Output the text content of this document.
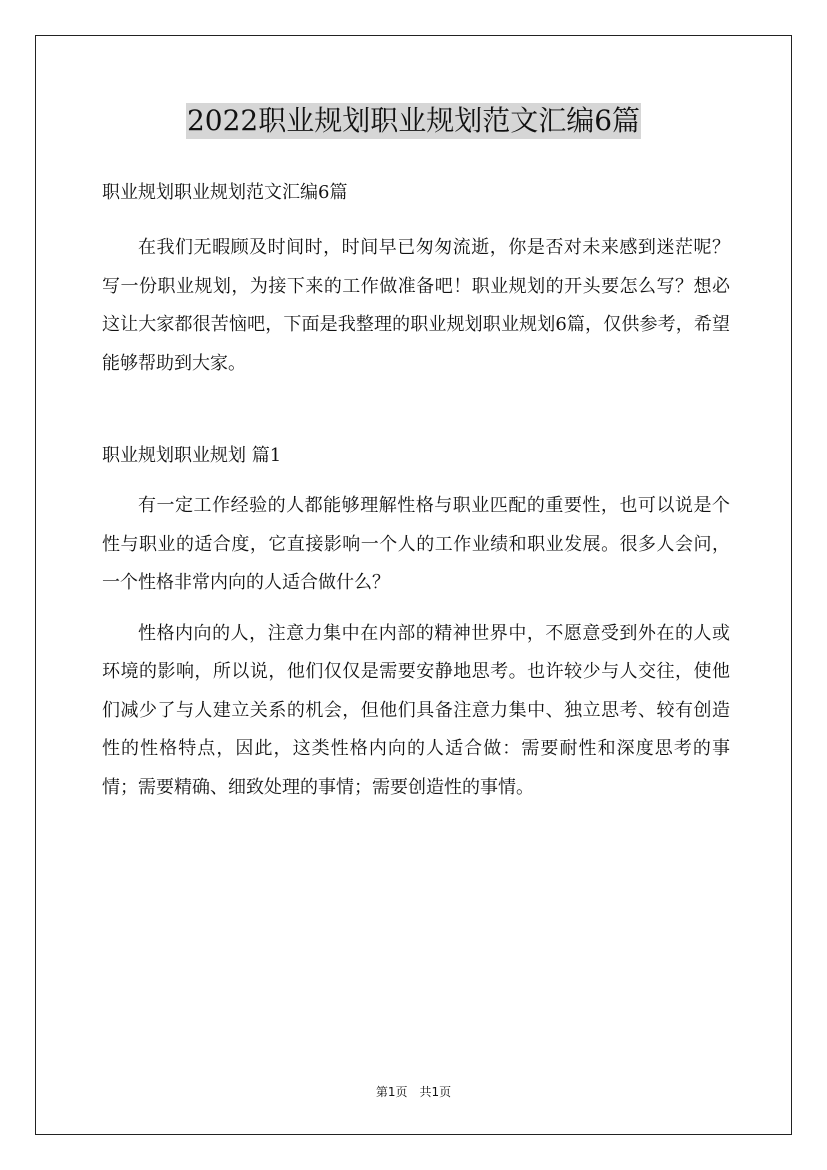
2022职业规划职业规划范文汇编6篇

职业规划职业规划范文汇编6篇

在我们无暇顾及时间时，时间早已匆匆流逝，你是否对未来感到迷茫呢？写一份职业规划，为接下来的工作做准备吧！职业规划的开头要怎么写？想必这让大家都很苦恼吧，下面是我整理的职业规划职业规划6篇，仅供参考，希望能够帮助到大家。

职业规划职业规划 篇1

有一定工作经验的人都能够理解性格与职业匹配的重要性，也可以说是个性与职业的适合度，它直接影响一个人的工作业绩和职业发展。很多人会问，一个性格非常内向的人适合做什么？

性格内向的人，注意力集中在内部的精神世界中，不愿意受到外在的人或环境的影响，所以说，他们仅仅是需要安静地思考。也许较少与人交往，使他们减少了与人建立关系的机会，但他们具备注意力集中、独立思考、较有创造性的性格特点，因此，这类性格内向的人适合做：需要耐性和深度思考的事情；需要精确、细致处理的事情；需要创造性的事情。

第1页 共1页
